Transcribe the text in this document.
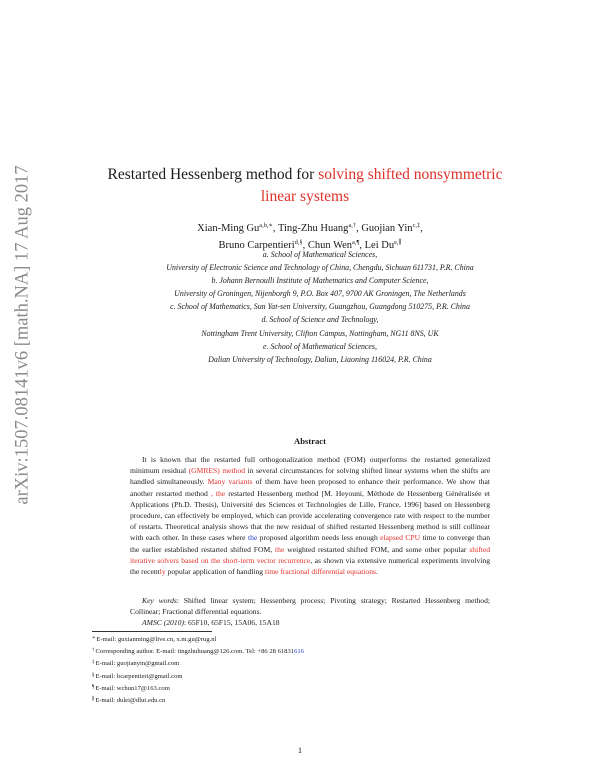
arXiv:1507.08141v6 [math.NA] 17 Aug 2017	Restarted Hessenberg method for solving shifted nonsymmetric
linear systems
Xian-Ming $Gu^{a,b,∗}$, Ting-Zhu Huang$^{a,\dagger}$, Guojian Yin$^{c,\ddagger}$,
Bruno Carpentieri$^{d,\S}$, Chun Wen$^{a,\P}$, Lei $Du^{e,\parallel}$
a. School of Mathematical Sciences,
University of Electronic Science and Technology of China, Chengdu, Sichuan 611731, P.R. China
b. Johann Bernoulli Institute of Mathematics and Computer Science,
University of Groningen, Nijenborgh 9, P.O. Box 407, 9700 AK Groningen, The Netherlands
c. School of Mathematics, Sun Yat-sen University, Guangzhou, Guangdong 510275, P.R. China
d. School of Science and Technology,
Nottingham Trent University, Clifton Campus, Nottingham, NG11 8NS, UK
e. School of Mathematical Sciences,
Dalian University of Technology, Dalian, Liaoning 116024, P.R. China
Abstract
It is known that the restarted full orthogonalization method (FOM) outperforms the restarted generalized minimum residual (GMRES) method in several circumstances for solving shifted linear systems when the shifts are handled simultaneously. Many variants of them have been proposed to enhance their performance. We show that another restarted method , the restarted Hessenberg method [M. Heyouni, Méthode de Hessenberg Généralisée et Applications (Ph.D. Thesis), Université des Sciences et Technologies de Lille, France, 1996] based on Hessenberg procedure, can effectively be employed, which can provide accelerating convergence rate with respect to the number of restarts. Theoretical analysis shows that the new residual of shifted restarted Hessenberg method is still collinear with each other. In these cases where the proposed algorithm needs less enough elapsed CPU time to converge than the earlier established restarted shifted FOM, the weighted restarted shifted FOM, and some other popular shifted iterative solvers based on the short-term vector recurrence, as shown via extensive numerical experiments involving the recently popular application of handling time fractional differential equations.
Key words: Shifted linear system; Hessenberg process; Pivoting strategy; Restarted Hessenberg method; Collinear; Fractional differential equations.
AMSC (2010): 65F10, 65F15, 15A06, 15A18
∗E-mail: guxianming@live.cn, x.m.gu@rug.nl
†Corresponding author. E-mail: tingzhuhuang@126.com. Tel: +86 28 61831616
‡E-mail: guojianyin@gmail.com
§E-mail: bcarpentieri@gmail.com
¶E-mail: wchun17@163.com
∥E-mail: dulei@dlut.edu.cn
1
